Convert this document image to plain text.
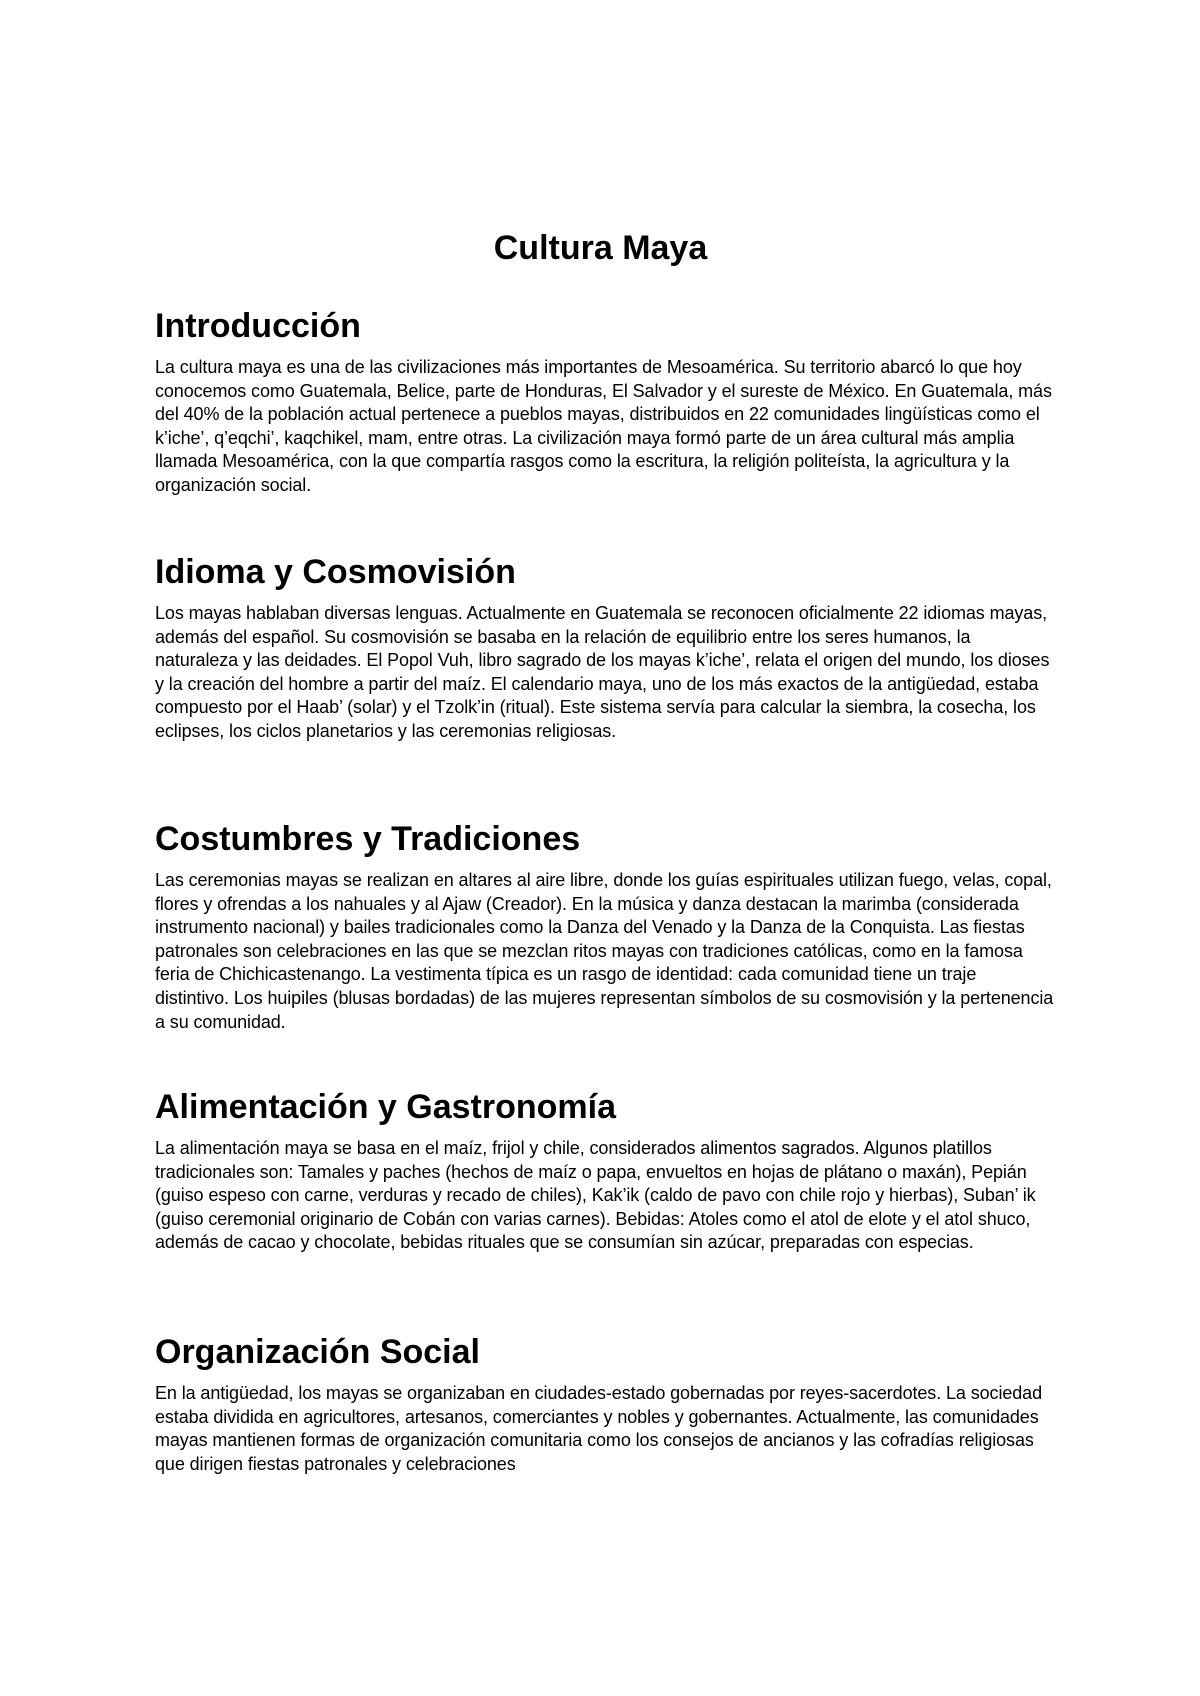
Cultura Maya
Introducción

La cultura maya es una de las civilizaciones más importantes de Mesoamérica. Su territorio abarcó lo que hoy conocemos como Guatemala, Belice, parte de Honduras, El Salvador y el sureste de México. En Guatemala, más del 40% de la población actual pertenece a pueblos mayas, distribuidos en 22 comunidades lingüísticas como el k’iche’, q’eqchi’, kaqchikel, mam, entre otras. La civilización maya formó parte de un área cultural más amplia llamada Mesoamérica, con la que compartía rasgos como la escritura, la religión politeísta, la agricultura y la organización social.

Idioma y Cosmovisión

Los mayas hablaban diversas lenguas. Actualmente en Guatemala se reconocen oficialmente 22 idiomas mayas, además del español. Su cosmovisión se basaba en la relación de equilibrio entre los seres humanos, la naturaleza y las deidades. El Popol Vuh, libro sagrado de los mayas k’iche’, relata el origen del mundo, los dioses y la creación del hombre a partir del maíz. El calendario maya, uno de los más exactos de la antigüedad, estaba compuesto por el Haab’ (solar) y el Tzolk’in (ritual). Este sistema servía para calcular la siembra, la cosecha, los eclipses, los ciclos planetarios y las ceremonias religiosas.

Costumbres y Tradiciones

Las ceremonias mayas se realizan en altares al aire libre, donde los guías espirituales utilizan fuego, velas, copal, flores y ofrendas a los nahuales y al Ajaw (Creador). En la música y danza destacan la marimba (considerada instrumento nacional) y bailes tradicionales como la Danza del Venado y la Danza de la Conquista. Las fiestas patronales son celebraciones en las que se mezclan ritos mayas con tradiciones católicas, como en la famosa feria de Chichicastenango. La vestimenta típica es un rasgo de identidad: cada comunidad tiene un traje distintivo. Los huipiles (blusas bordadas) de las mujeres representan símbolos de su cosmovisión y la pertenencia a su comunidad.

Alimentación y Gastronomía

La alimentación maya se basa en el maíz, frijol y chile, considerados alimentos sagrados. Algunos platillos tradicionales son: Tamales y paches (hechos de maíz o papa, envueltos en hojas de plátano o maxán), Pepián (guiso espeso con carne, verduras y recado de chiles), Kak’ik (caldo de pavo con chile rojo y hierbas), Suban’ ik (guiso ceremonial originario de Cobán con varias carnes). Bebidas: Atoles como el atol de elote y el atol shuco, además de cacao y chocolate, bebidas rituales que se consumían sin azúcar, preparadas con especias.

Organización Social

En la antigüedad, los mayas se organizaban en ciudades-estado gobernadas por reyes-sacerdotes. La sociedad estaba dividida en agricultores, artesanos, comerciantes y nobles y gobernantes. Actualmente, las comunidades mayas mantienen formas de organización comunitaria como los consejos de ancianos y las cofradías religiosas que dirigen fiestas patronales y celebraciones
